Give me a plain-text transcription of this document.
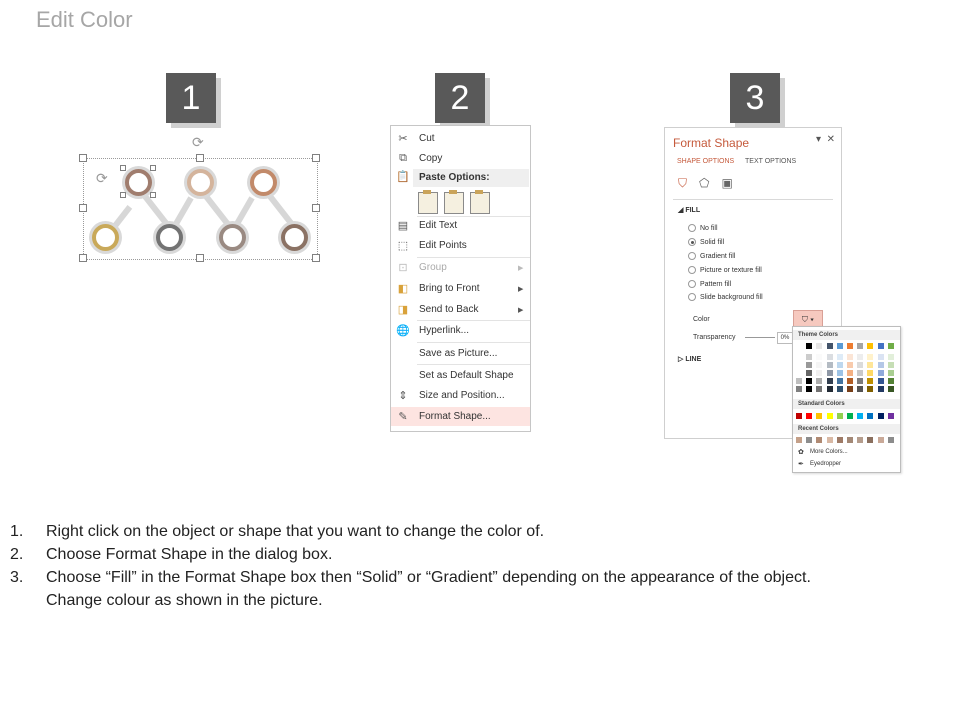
Edit Color
1	2	3
⟳
⟳
✂	Cut
⧉	Copy
Paste Options:
📋
▤ Edit Text
⬚ Edit Points
⊡	Group	▶
◧ Bring to Front	▶
◨ Send to Back	▶
🌐 Hyperlink...
Save as Picture...
Set as Default Shape
⇕	Size and Position...
✎	Format Shape...
Format Shape	▾ ✕
SHAPE OPTIONS TEXT OPTIONS
⛉ ⬠ ▣
◢ FILL
No fill
Solid fill
Gradient fill
Picture or texture fill
Pattern fill
Slide background fill
Color	⛉ ▾
Transparency	0%
▷ LINE
Theme Colors
Standard Colors
Recent Colors
✿	More Colors...
✒	Eyedropper
1.	Right click on the object or shape that you want to change the color of.
2.	Choose Format Shape in the dialog box.
3.	Choose “Fill” in the Format Shape box then “Solid” or “Gradient” depending on the appearance of the object.
Change colour as shown in the picture.
